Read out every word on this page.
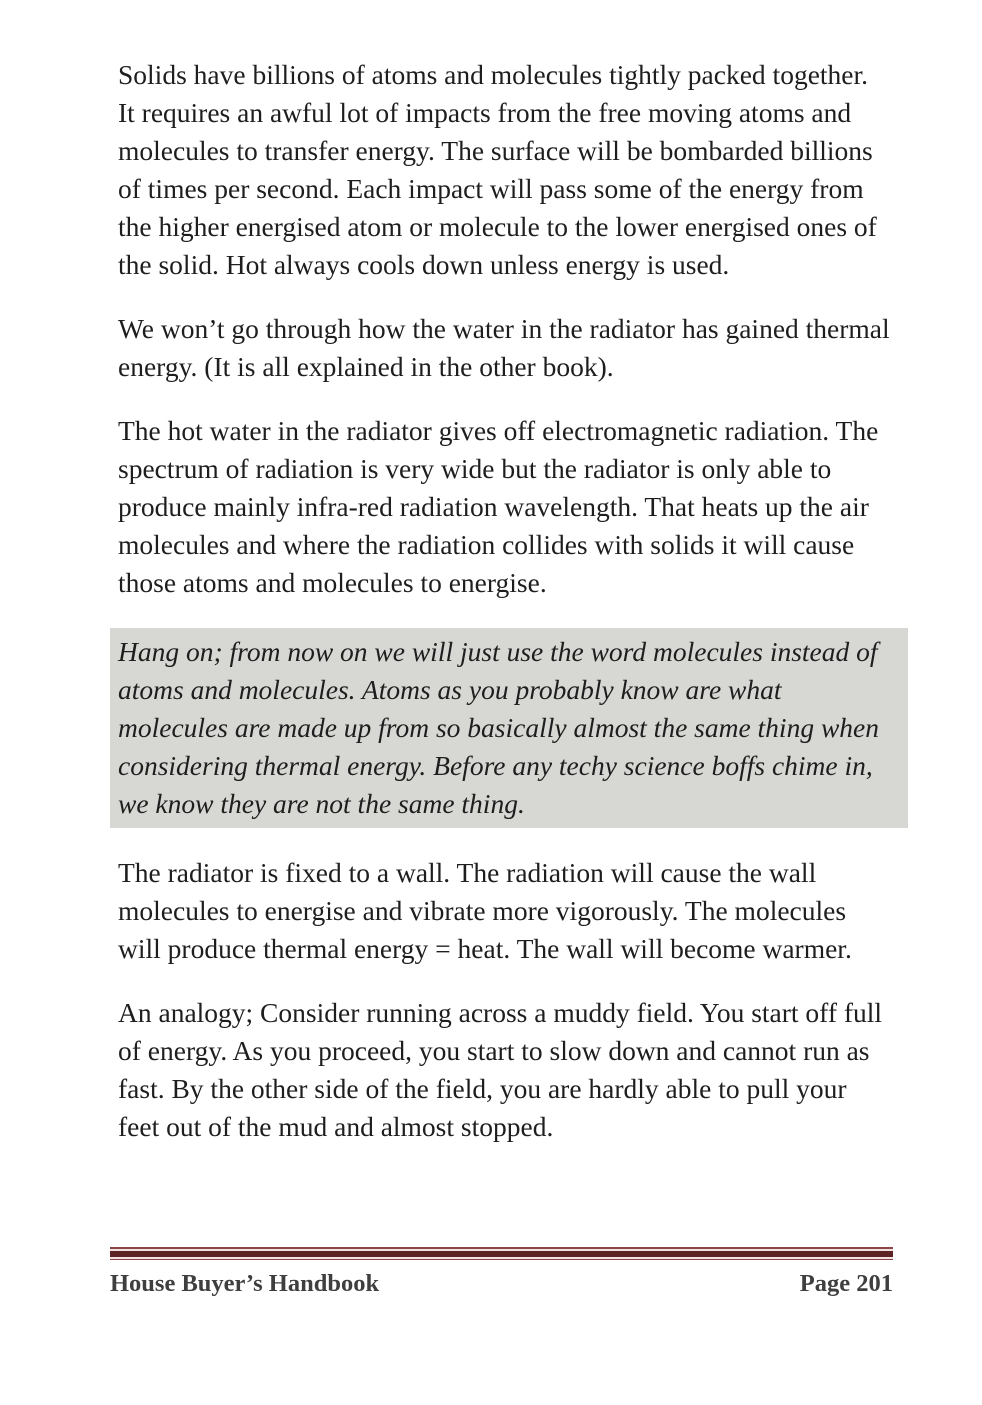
Solids have billions of atoms and molecules tightly packed together. It requires an awful lot of impacts from the free moving atoms and molecules to transfer energy. The surface will be bombarded billions of times per second. Each impact will pass some of the energy from the higher energised atom or molecule to the lower energised ones of the solid. Hot always cools down unless energy is used.

We won’t go through how the water in the radiator has gained thermal energy. (It is all explained in the other book).

The hot water in the radiator gives off electromagnetic radiation. The spectrum of radiation is very wide but the radiator is only able to produce mainly infra-red radiation wavelength. That heats up the air molecules and where the radiation collides with solids it will cause those atoms and molecules to energise.

Hang on; from now on we will just use the word molecules instead of atoms and molecules. Atoms as you probably know are what molecules are made up from so basically almost the same thing when considering thermal energy. Before any techy science boffs chime in, we know they are not the same thing.

The radiator is fixed to a wall. The radiation will cause the wall molecules to energise and vibrate more vigorously. The molecules will produce thermal energy = heat. The wall will become warmer.

An analogy; Consider running across a muddy field. You start off full of energy. As you proceed, you start to slow down and cannot run as fast. By the other side of the field, you are hardly able to pull your feet out of the mud and almost stopped.

House Buyer’s Handbook	Page 201
